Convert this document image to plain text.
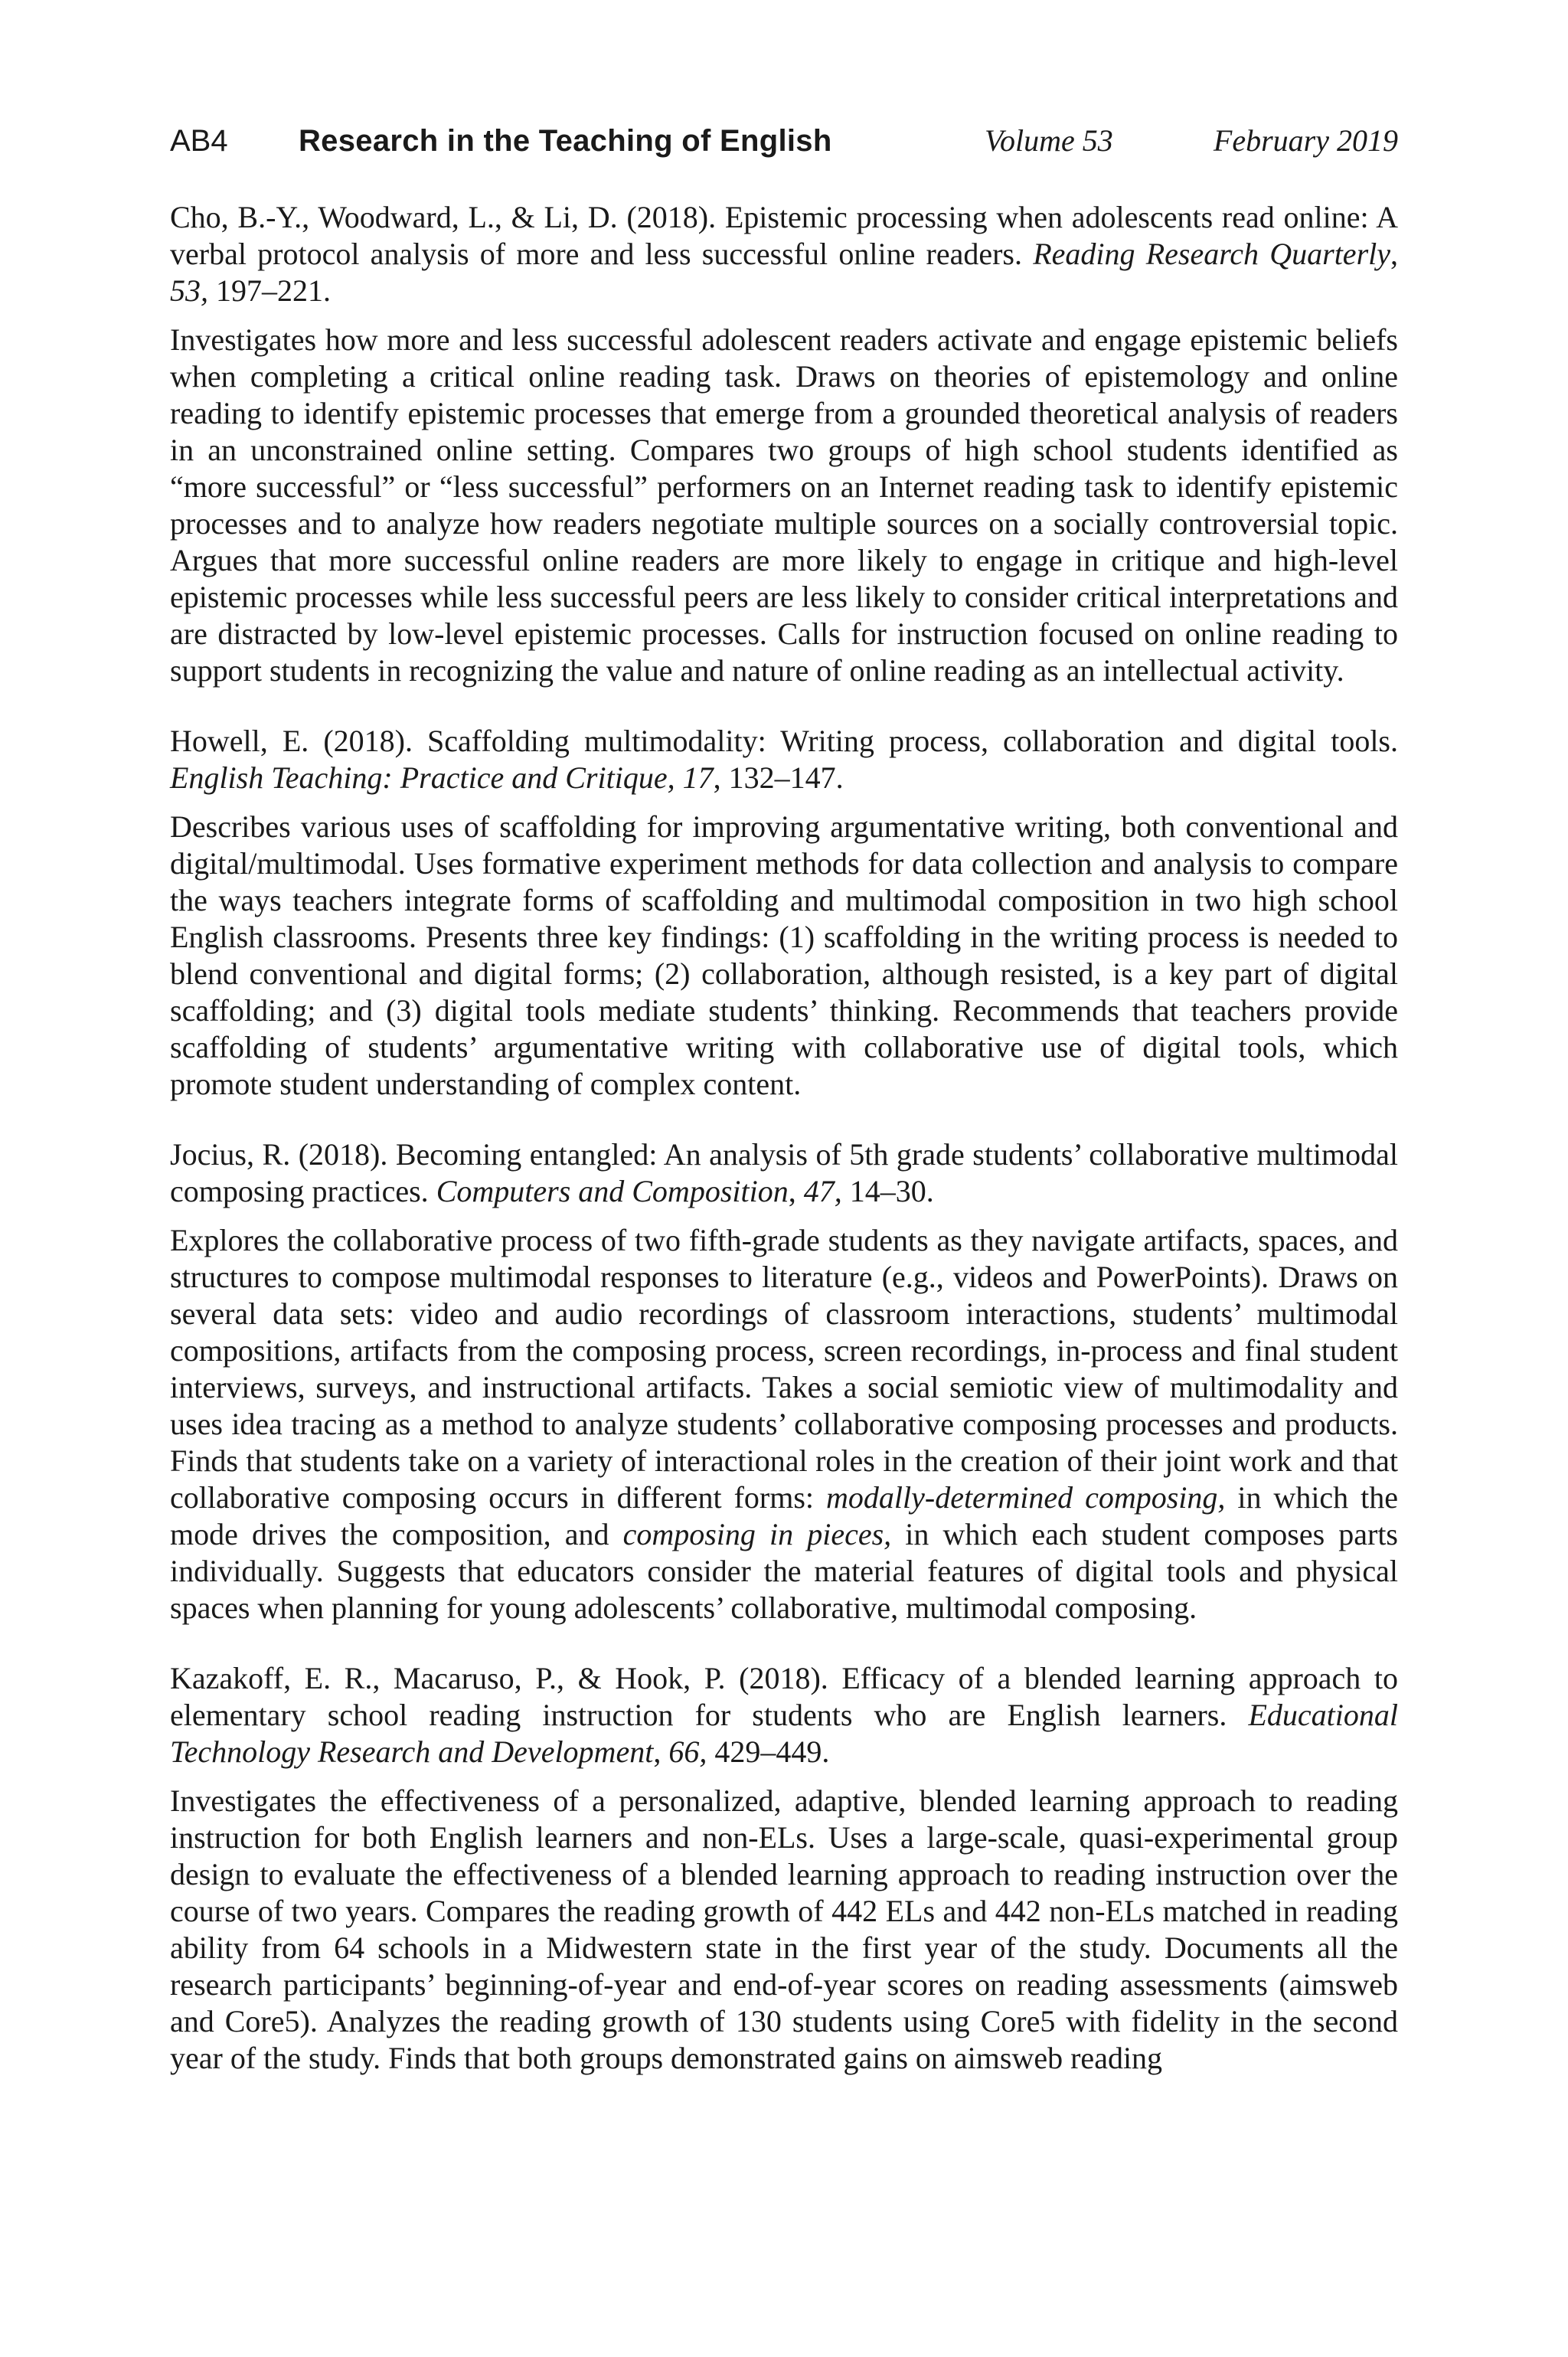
AB4 Research in the Teaching of English	Volume 53	February 2019

Cho, B.-Y., Woodward, L., & Li, D. (2018). Epistemic processing when adolescents read online: A verbal protocol analysis of more and less successful online readers. Reading Research Quarterly, 53, 197–221.

Investigates how more and less successful adolescent readers activate and engage epistemic beliefs when completing a critical online reading task. Draws on theories of epistemology and online reading to identify epistemic processes that emerge from a grounded theoretical analysis of readers in an unconstrained online setting. Compares two groups of high school students identified as “more successful” or “less successful” performers on an Internet reading task to identify epistemic processes and to analyze how readers negotiate multiple sources on a socially controversial topic. Argues that more successful online readers are more likely to engage in critique and high-level epistemic processes while less successful peers are less likely to consider critical interpretations and are distracted by low-level epistemic processes. Calls for instruction focused on online reading to support students in recognizing the value and nature of online reading as an intellectual activity.

Howell, E. (2018). Scaffolding multimodality: Writing process, collaboration and digital tools. English Teaching: Practice and Critique, 17, 132–147.

Describes various uses of scaffolding for improving argumentative writing, both conventional and digital/multimodal. Uses formative experiment methods for data collection and analysis to compare the ways teachers integrate forms of scaffolding and multimodal composition in two high school English classrooms. Presents three key findings: (1) scaffolding in the writing process is needed to blend conventional and digital forms; (2) collaboration, although resisted, is a key part of digital scaffolding; and (3) digital tools mediate students’ thinking. Recommends that teachers provide scaffolding of students’ argumentative writing with collaborative use of digital tools, which promote student understanding of complex content.

Jocius, R. (2018). Becoming entangled: An analysis of 5th grade students’ collaborative multimodal composing practices. Computers and Composition, 47, 14–30.

Explores the collaborative process of two fifth-grade students as they navigate artifacts, spaces, and structures to compose multimodal responses to literature (e.g., videos and PowerPoints). Draws on several data sets: video and audio recordings of classroom interactions, students’ multimodal compositions, artifacts from the composing process, screen recordings, in-process and final student interviews, surveys, and instructional artifacts. Takes a social semiotic view of multimodality and uses idea tracing as a method to analyze students’ collaborative composing processes and products. Finds that students take on a variety of interactional roles in the creation of their joint work and that collaborative composing occurs in different forms: modally-determined composing, in which the mode drives the composition, and composing in pieces, in which each student composes parts individually. Suggests that educators consider the material features of digital tools and physical spaces when planning for young adolescents’ collaborative, multimodal composing.

Kazakoff, E. R., Macaruso, P., & Hook, P. (2018). Efficacy of a blended learning approach to elementary school reading instruction for students who are English learners. Educational Technology Research and Development, 66, 429–449.

Investigates the effectiveness of a personalized, adaptive, blended learning approach to reading instruction for both English learners and non-ELs. Uses a large-scale, quasi-experimental group design to evaluate the effectiveness of a blended learning approach to reading instruction over the course of two years. Compares the reading growth of 442 ELs and 442 non-ELs matched in reading ability from 64 schools in a Midwestern state in the first year of the study. Documents all the research participants’ beginning-of-year and end-of-year scores on reading assessments (aimsweb and Core5). Analyzes the reading growth of 130 students using Core5 with fidelity in the second year of the study. Finds that both groups demonstrated gains on aimsweb reading
